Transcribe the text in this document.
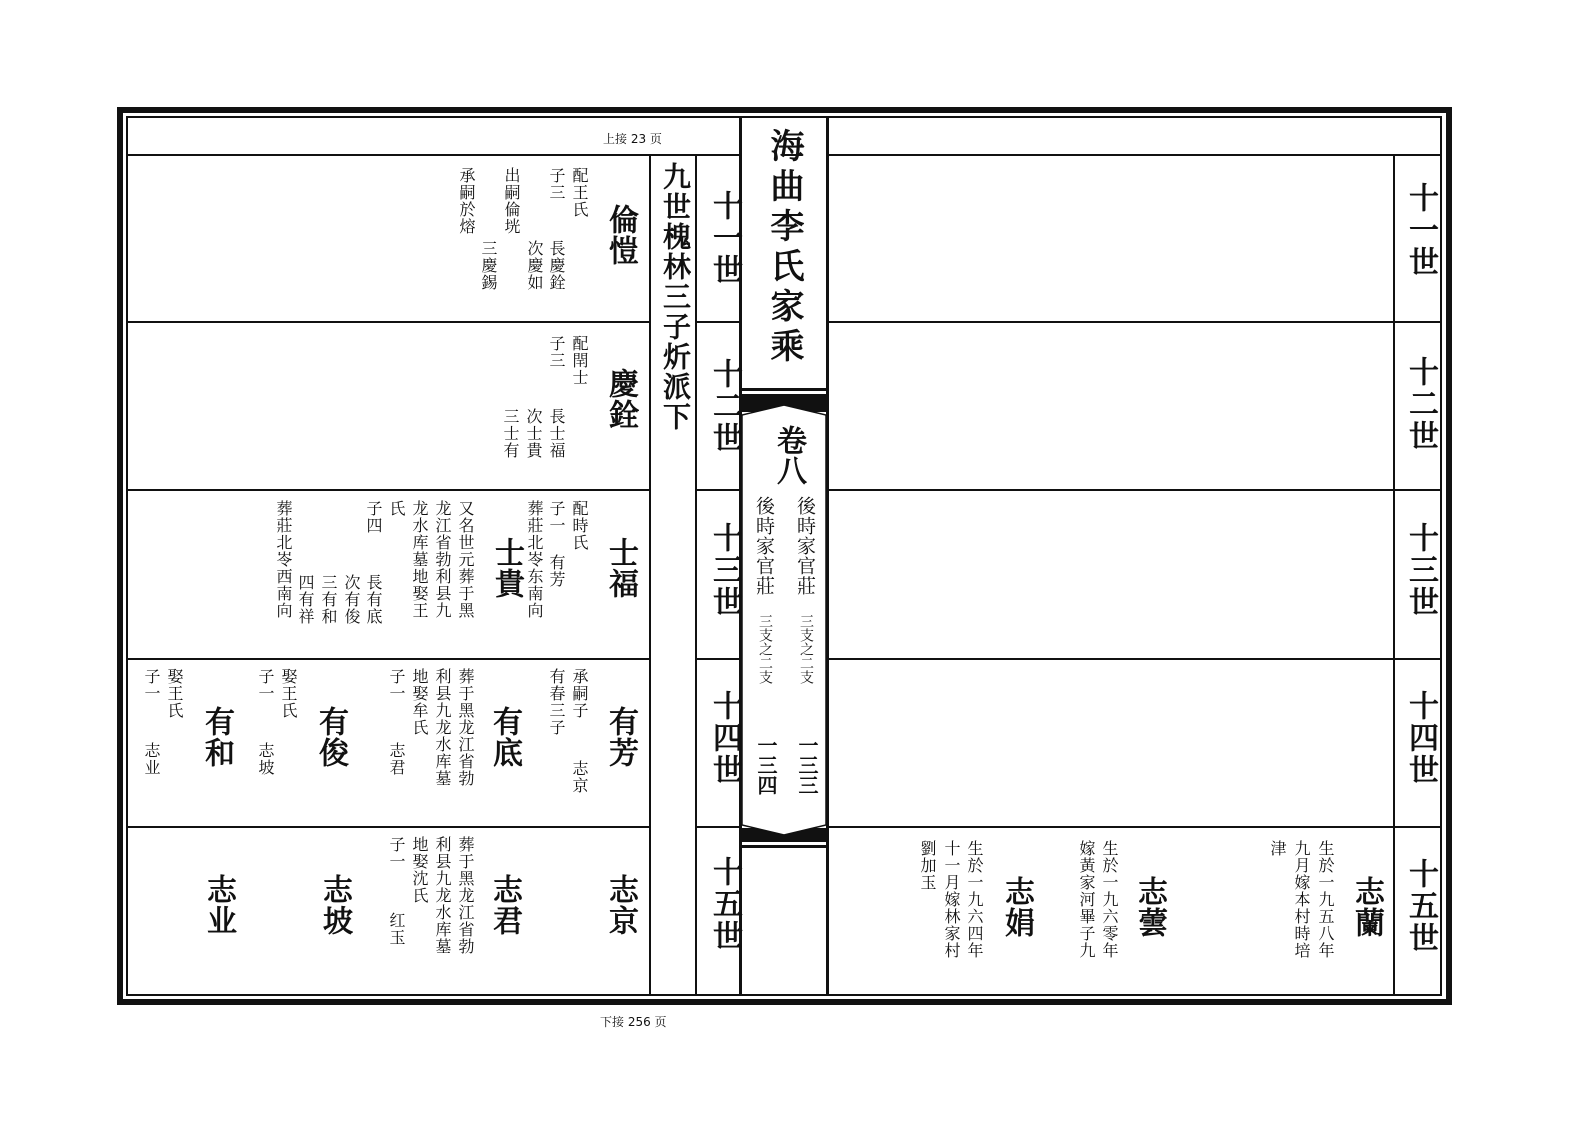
上接 23 页
下接 256 页
海曲李氏家乘
卷八
後時家官莊
三支之二支
一三三
後時家官莊
三支之二支
一三四
九世槐林三子炘派下 十一世
十二世
十三世
十四世
十五世
十一世
十二世
十三世
十四世
十五世
倫愷
配王氏
子三
長慶銓
次慶如
三慶錫
出嗣倫垙
承嗣於熔
慶銓
配閈士
子三
長士福
次士貴
三士有
士福
配時氏
子一 有芳
葬莊北岺东南向
士貴
又名世元葬于黑
龙江省勃利县九
龙水库墓地娶王
氏
子四
長有底
次有俊
三有和
四有祥
葬莊北岺西南向
有芳
承嗣子
有春三子
志京
有底
葬于黑龙江省勃
利县九龙水库墓
地娶牟氏
子一
志君
有俊
娶王氏
子一
志坡
有和
娶王氏
子一
志业
志京
志君
葬于黑龙江省勃
利县九龙水库墓
地娶沈氏
子一
红玉
志坡
志业	志蘭
生於一九五八年
九月嫁本村時培
津
志蕓
生於一九六零年
嫁黃家河畢子九
志娟
生於一九六四年
十一月嫁林家村
劉加玉
